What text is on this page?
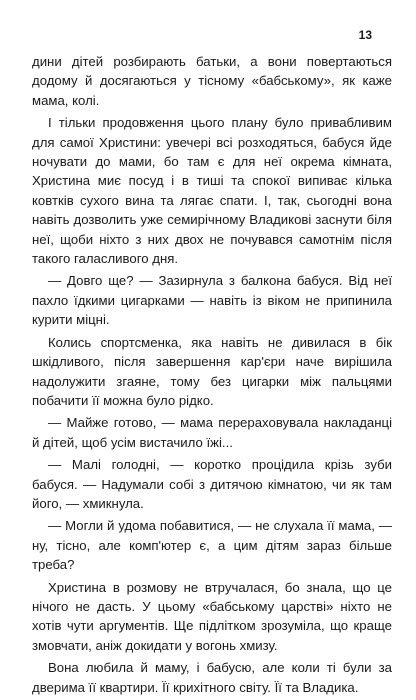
13

дини дітей розбирають батьки, а вони повертаються додому й досягаються у тісному «бабському», як каже мама, колі.

І тільки продовження цього плану було привабливим для самої Христини: увечері всі розходяться, бабуся йде ночувати до мами, бо там є для неї окрема кімната, Христина миє посуд і в тиші та спокої випиває кілька ковтків сухого вина та лягає спати. І, так, сьогодні вона навіть дозволить уже семирічному Владикові заснути біля неї, щоби ніхто з них двох не почувався самотнім після такого галасливого дня.

— Довго ще? — Зазирнула з балкона бабуся. Від неї пахло їдкими цигарками — навіть із віком не припинила курити міцні.

Колись спортсменка, яка навіть не дивилася в бік шкідливого, після завершення кар'єри наче вирішила надолужити згаяне, тому без цигарки між пальцями побачити її можна було рідко.

— Майже готово, — мама перераховувала накладанці й дітей, щоб усім вистачило їжі...

— Малі голодні, — коротко процідила крізь зуби бабуся. — Надумали собі з дитячою кімнатою, чи як там його, — хмикнула.

— Могли й удома побавитися, — не слухала її мама, — ну, тісно, але комп'ютер є, а цим дітям зараз більше треба?

Христина в розмову не втручалася, бо знала, що це нічого не дасть. У цьому «бабському царстві» ніхто не хотів чути аргументів. Ще підлітком зрозуміла, що краще змовчати, аніж докидати у вогонь хмизу.

Вона любила й маму, і бабусю, але коли ті були за дверима її квартири. Її крихітного світу. Її та Владика.
